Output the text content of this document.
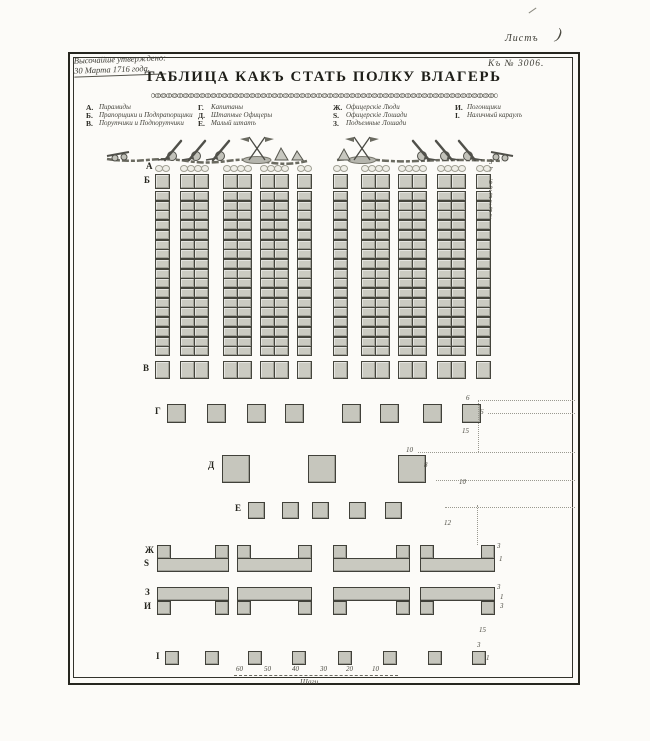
Листъ )
Высочайше утверждено:
30 Марта 1716 года.	Къ № 3006.
ТАБЛИЦА КАКЪ СТАТЬ ПОЛКУ ВЛАГЕРЬ
∞∞∞∞∞∞∞∞∞∞∞∞∞∞∞∞∞∞∞∞∞∞∞∞∞∞∞∞∞∞∞∞∞∞∞∞∞∞∞∞∞∞∞∞∞∞∞∞∞∞∞∞∞∞∞∞∞∞∞∞∞∞
А. Пирамиды
Б. Прапорщики и Подпрапорщики
В. Порутчики и Подпорутчики
Г. Капитаны
Д. Штапные Офицеры
Е. Малый штатъ
Ж. Офицерскіе Люди
S. Офицерскіе Лошади
З. Подъемные Лошади
И. Погонщики
I. Наличный караулъ
А
Б
В
Г
Д
Е
Ж
S
З
И
I
3
7
6
2
3
1
3
1
6
6
15
10
8
10
12
3
1
3
1
3
15
3
1
60	50	40	30	20	10
Шаги
